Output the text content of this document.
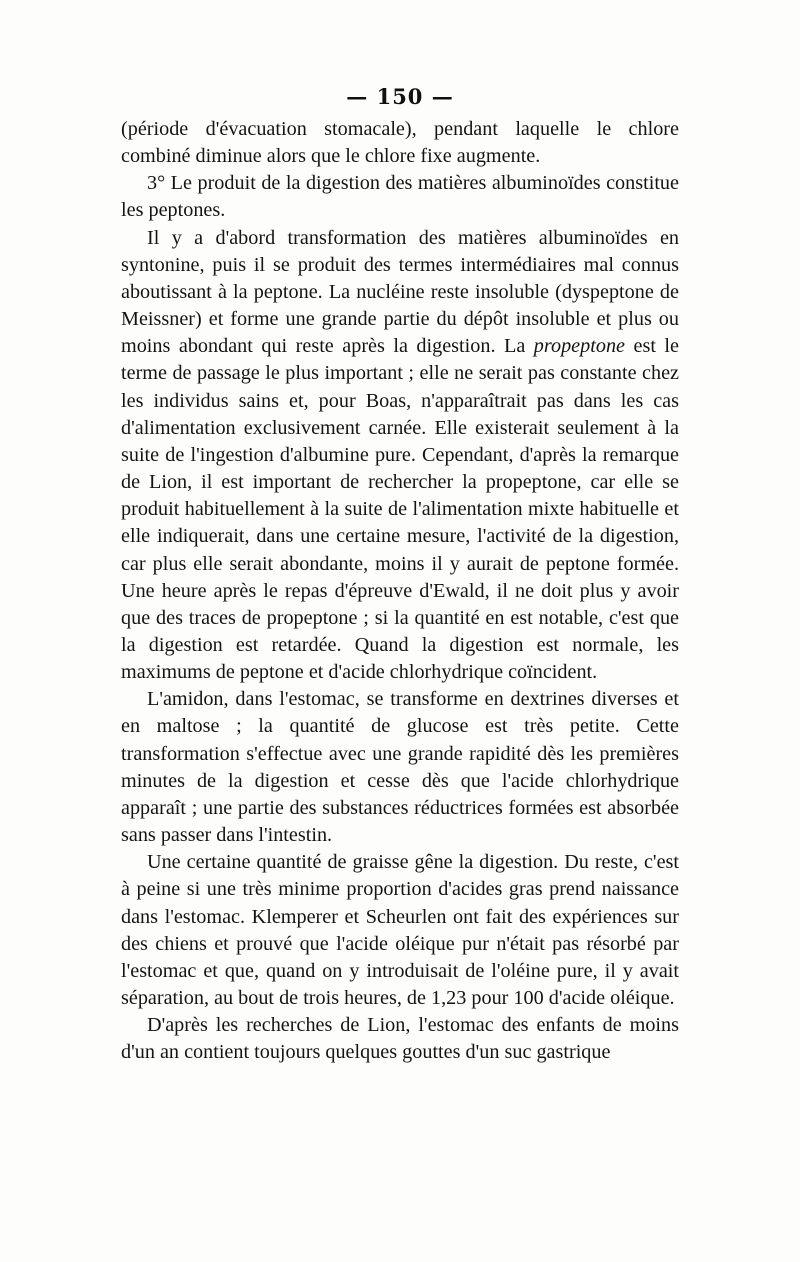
— 150 —

(période d'évacuation stomacale), pendant laquelle le chlore combiné diminue alors que le chlore fixe augmente.

3° Le produit de la digestion des matières albuminoïdes constitue les peptones.

Il y a d'abord transformation des matières albuminoïdes en syntonine, puis il se produit des termes intermédiaires mal connus aboutissant à la peptone. La nucléine reste insoluble (dyspeptone de Meissner) et forme une grande partie du dépôt insoluble et plus ou moins abondant qui reste après la digestion. La propeptone est le terme de passage le plus important ; elle ne serait pas constante chez les individus sains et, pour Boas, n'apparaîtrait pas dans les cas d'alimentation exclusivement carnée. Elle existerait seulement à la suite de l'ingestion d'albumine pure. Cependant, d'après la remarque de Lion, il est important de rechercher la propeptone, car elle se produit habituellement à la suite de l'alimentation mixte habituelle et elle indiquerait, dans une certaine mesure, l'activité de la digestion, car plus elle serait abondante, moins il y aurait de peptone formée. Une heure après le repas d'épreuve d'Ewald, il ne doit plus y avoir que des traces de propeptone ; si la quantité en est notable, c'est que la digestion est retardée. Quand la digestion est normale, les maximums de peptone et d'acide chlorhydrique coïncident.

L'amidon, dans l'estomac, se transforme en dextrines diverses et en maltose ; la quantité de glucose est très petite. Cette transformation s'effectue avec une grande rapidité dès les premières minutes de la digestion et cesse dès que l'acide chlorhydrique apparaît ; une partie des substances réductrices formées est absorbée sans passer dans l'intestin.

Une certaine quantité de graisse gêne la digestion. Du reste, c'est à peine si une très minime proportion d'acides gras prend naissance dans l'estomac. Klemperer et Scheurlen ont fait des expériences sur des chiens et prouvé que l'acide oléique pur n'était pas résorbé par l'estomac et que, quand on y introduisait de l'oléine pure, il y avait séparation, au bout de trois heures, de 1,23 pour 100 d'acide oléique.

D'après les recherches de Lion, l'estomac des enfants de moins d'un an contient toujours quelques gouttes d'un suc gastrique
